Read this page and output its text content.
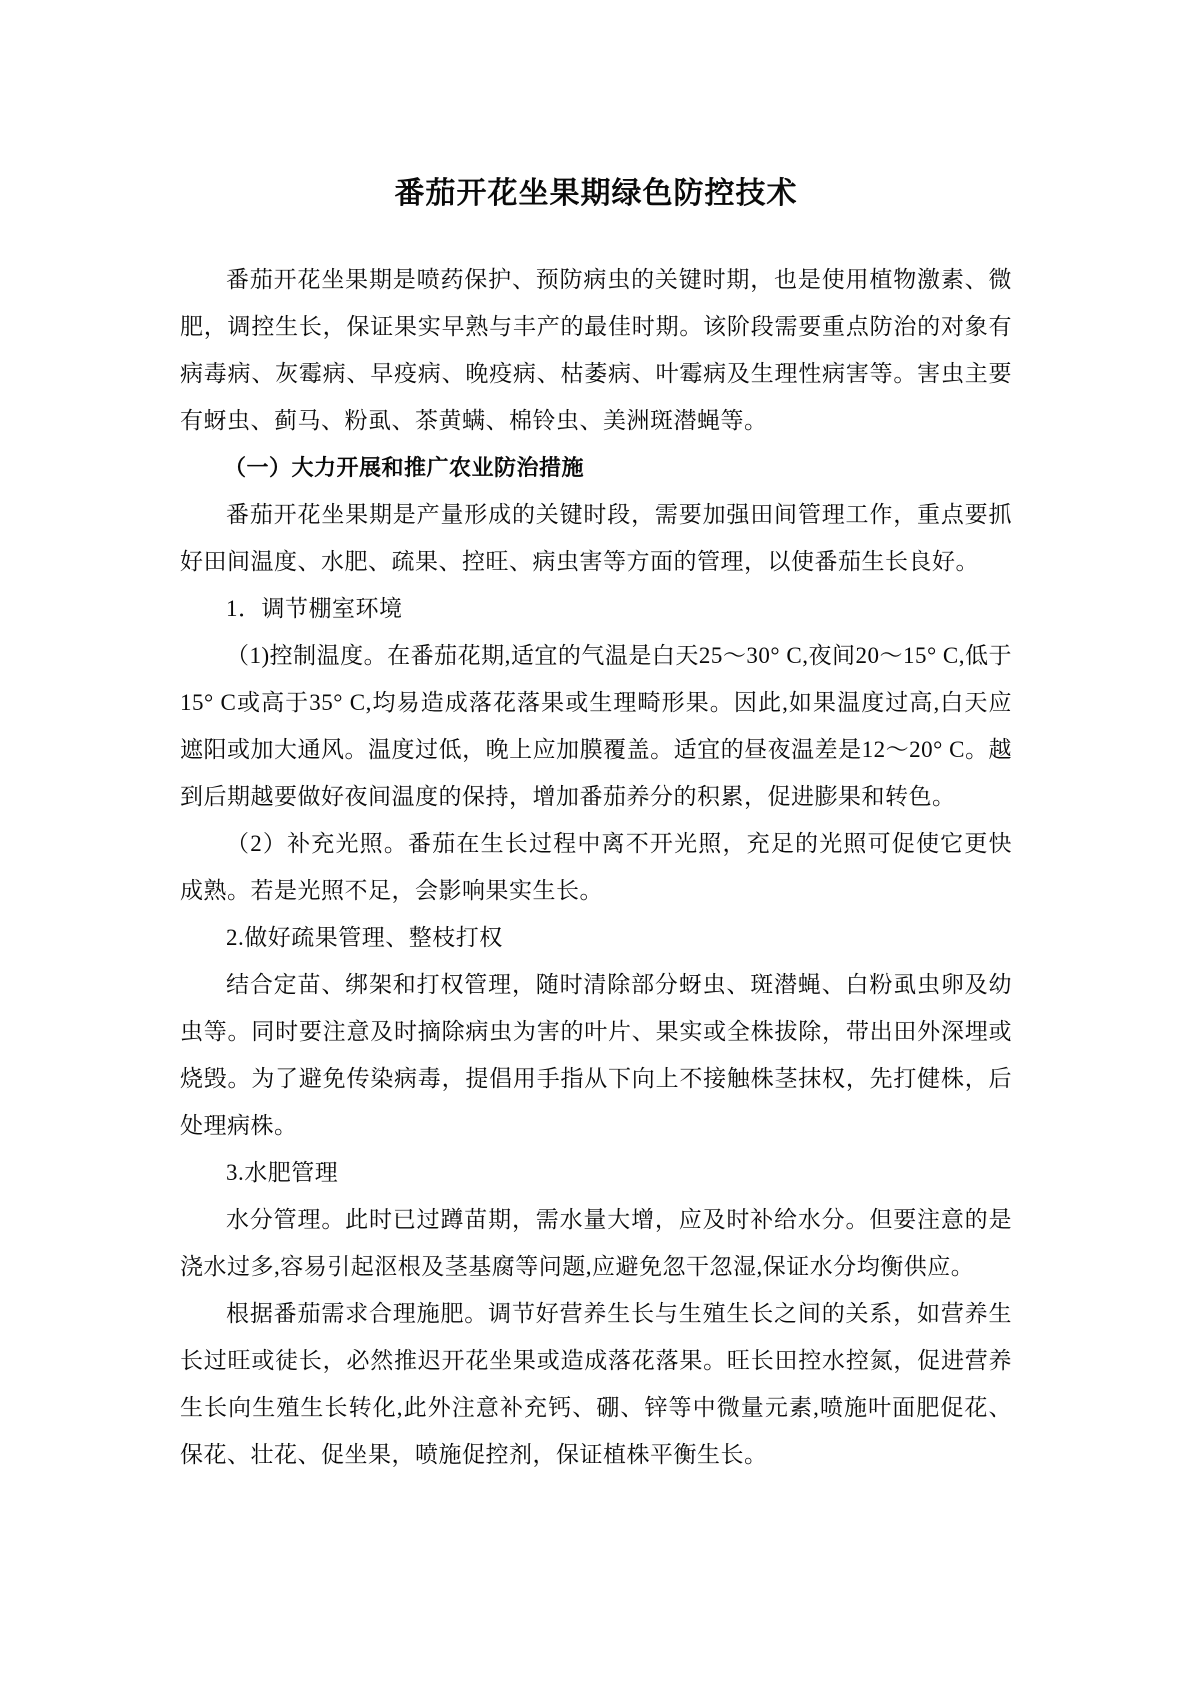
番茄开花坐果期绿色防控技术

番茄开花坐果期是喷药保护、预防病虫的关键时期，也是使用植物激素、微肥，调控生长，保证果实早熟与丰产的最佳时期。该阶段需要重点防治的对象有病毒病、灰霉病、早疫病、晚疫病、枯萎病、叶霉病及生理性病害等。害虫主要有蚜虫、蓟马、粉虱、茶黄螨、棉铃虫、美洲斑潜蝇等。

（一）大力开展和推广农业防治措施

番茄开花坐果期是产量形成的关键时段，需要加强田间管理工作，重点要抓好田间温度、水肥、疏果、控旺、病虫害等方面的管理，以使番茄生长良好。

1．调节棚室环境

（1)控制温度。在番茄花期,适宜的气温是白天25～30° C,夜间20～15° C,低于15° C或高于35° C,均易造成落花落果或生理畸形果。因此,如果温度过高,白天应遮阳或加大通风。温度过低，晚上应加膜覆盖。适宜的昼夜温差是12～20° C。越到后期越要做好夜间温度的保持，增加番茄养分的积累，促进膨果和转色。

（2）补充光照。番茄在生长过程中离不开光照，充足的光照可促使它更快成熟。若是光照不足，会影响果实生长。

2.做好疏果管理、整枝打权

结合定苗、绑架和打权管理，随时清除部分蚜虫、斑潜蝇、白粉虱虫卵及幼虫等。同时要注意及时摘除病虫为害的叶片、果实或全株拔除，带出田外深埋或烧毁。为了避免传染病毒，提倡用手指从下向上不接触株茎抹权，先打健株，后处理病株。

3.水肥管理

水分管理。此时已过蹲苗期，需水量大增，应及时补给水分。但要注意的是浇水过多,容易引起沤根及茎基腐等问题,应避免忽干忽湿,保证水分均衡供应。

根据番茄需求合理施肥。调节好营养生长与生殖生长之间的关系，如营养生长过旺或徒长，必然推迟开花坐果或造成落花落果。旺长田控水控氮，促进营养生长向生殖生长转化,此外注意补充钙、硼、锌等中微量元素,喷施叶面肥促花、保花、壮花、促坐果，喷施促控剂，保证植株平衡生长。
